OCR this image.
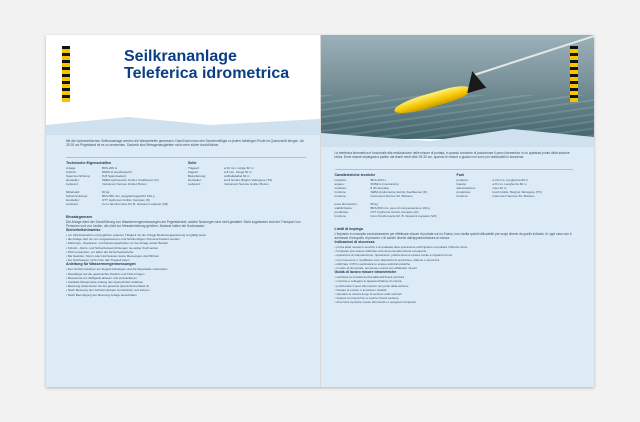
Seilkrananlage
Teleferica idrometrica

Mit der hydrometrischen Seilkrananlage werden die Wassertiefen gemessen. Damit kann man den Schwimmflügel zu jedem beliebigen Punkt im Querschnitt bringen. Ab 25-30 cm Pegelstand ist es zu verwenden. Dadurch sind Messgenauigkeiten nicht mehr sicher durchführbar.

Technische Eigenschaften
Anlage:	BKS-200 H
Antrieb:	600W-H (mechanisch)
Spannvorrichtung:	8 (8 Spannweiten)
Hersteller:	SEBA Hydrometrie GmbH, Kaufbeuren (D)
Lieferant:	Instrument Service GmbH, Bozen
Mittelmaß:	60 kg
Schwimmkörper:	BKS-560 mm, Ausgleichsgewicht 100 g
Hersteller:	OTT Hydromet GmbH, Kempten (D)
Lieferant:	Com-Tel-Idrometra Srl, B. Giovanni Lupatoto (VR)
Seile
Tragseil:	ø 20 mm, Länge 60 m
Zugseil:	ø 8 mm, Länge 60 m
Betreiberung:	Aufhaltekabel 60 m
Hersteller:	knoll GmbH, Bogino Valmigene (TN)
Lieferant:	Instrument Service GmbH, Bozen
Einsatzgrenzen
Die Anlage dient der Durchführung von Wassermengenmessungen am Pegelstandort; andere Nutzungen sind nicht gestattet. Nicht zugelassen sind der Transport von Personen und von Lasten, die nicht zur Messeinrichtung gehören. Abstand halten bei Hochwasser.
Sicherheitshinweise
• vor Inbetriebnahme und jeglichen anderen Tätigkeit mit der Anlage Bedienungsanleitung sorgfältig lesen
• die Anlage darf nur von eingewiesenem und fachkundigem Personal bedient werden
• Wartungs-, Reparatur- und Messungsarbeiten nur bei Anlage außer Betrieb
• Schutz-, Alarm- und Sicherheitseinrichtungen nie außer Kraft setzen
• PSA verwenden, vor allem die Sicherheitsschuhe
• Bei Gewitter, Sturm oder Hochwasser keine Messungen durchführen
• bei Hochwasser nicht unter das Tragseil treten
Anleitung für Wassermengenmessungen
• Den Schwimmkörper am Zugseil befestigen und die Messstelle vorbereiten
• Messflügel auf die gewünschte Position und Tiefe bringen
• Messwerte am Zählgerät ablesen und protokollieren
• Vertikale Messpunkte entlang des Querschnitts anfahren
• Messung wiederholen bis der gesamte Querschnitt erfasst ist
• Nach Messung den Schwimmkörper zurückholen und sichern
• Nach Beendigung der Messung Anlage ausschalten

La teleferica idrometrica è funzionale alla realizzazione delle misure di portata, in quanto consente di posizionare il peso idrometrico in un qualsiasi punto della sezione idrica. Deve essere impiegata a partire dai tiranti medi oltre 25-30 cm, quando le misure a guado non sono più realizzabili in sicurezza.

Caratteristiche tecniche
impianto:	BKS-200 H
argano:	600W-H (meccanico)
tenditore:	8 (8 campate)
fornitore:	SEBA Hydrometrie GmbH, Kaufbeuren (D)
fornitore:	Instrument Service Srl, Bolzano
peso idrometrico:	60 kg
stabilizzatore:	BKS-560 mm, peso di compensazione 100 g
produttore:	OTT Hydromet GmbH, Kempten (D)
fornitore:	Com-Tel-Idrometra Srl, B. Giovanni Lupatoto (VR)
Funi
portante:	ø 20 mm, Lunghezza 60 m
traente:	ø 8 mm, Lunghezza 60 m
alimentazione:	cavo 60 m
produttore:	knoll GmbH, Borgino Valmigene (TN)
fornitore:	Instrument Service Srl, Bolzano
Limiti di impiego
L'impianto è concepito esclusivamente per effettuare misure di portata sul rio Enaso; non risulta quindi utilizzabile per scopi diversi da quello indicato. In ogni caso non è ammesso il trasporto di persone o di carichi diversi dall'apparecchiatura di misura.
Indicazioni di sicurezza
• prima della messa in servizio e di qualsiasi altra operazione sull'impianto consultare il libretto d'uso
• l'impianto può essere utilizzato solo da personale istruito ed esperto
• operazioni di manutenzione, riparazione, pulizia devono essere svolte a impianto fermo
• non rimuovere o modificare mai i dispositivi di protezione, allarme e sicurezza
• utilizzare i DPI in particolare le scarpe antinfortunistiche
• in caso di temporale, tempesta o piena non effettuare misure
Guida di lavoro misure idrometriche
• verificare la corretta funzionalità dell'intera struttura
• montare e collegare le apparecchiature di misura
• posizionare il peso idrometrico nel punto della sezione
• rilevare le misure e annotare i risultati
• spostare la misura lungo la sezione sulle verticali
• ripetere la misura fino a coprire l'intera sezione
• al termine riportare il peso idrometrico e spegnere l'impianto
